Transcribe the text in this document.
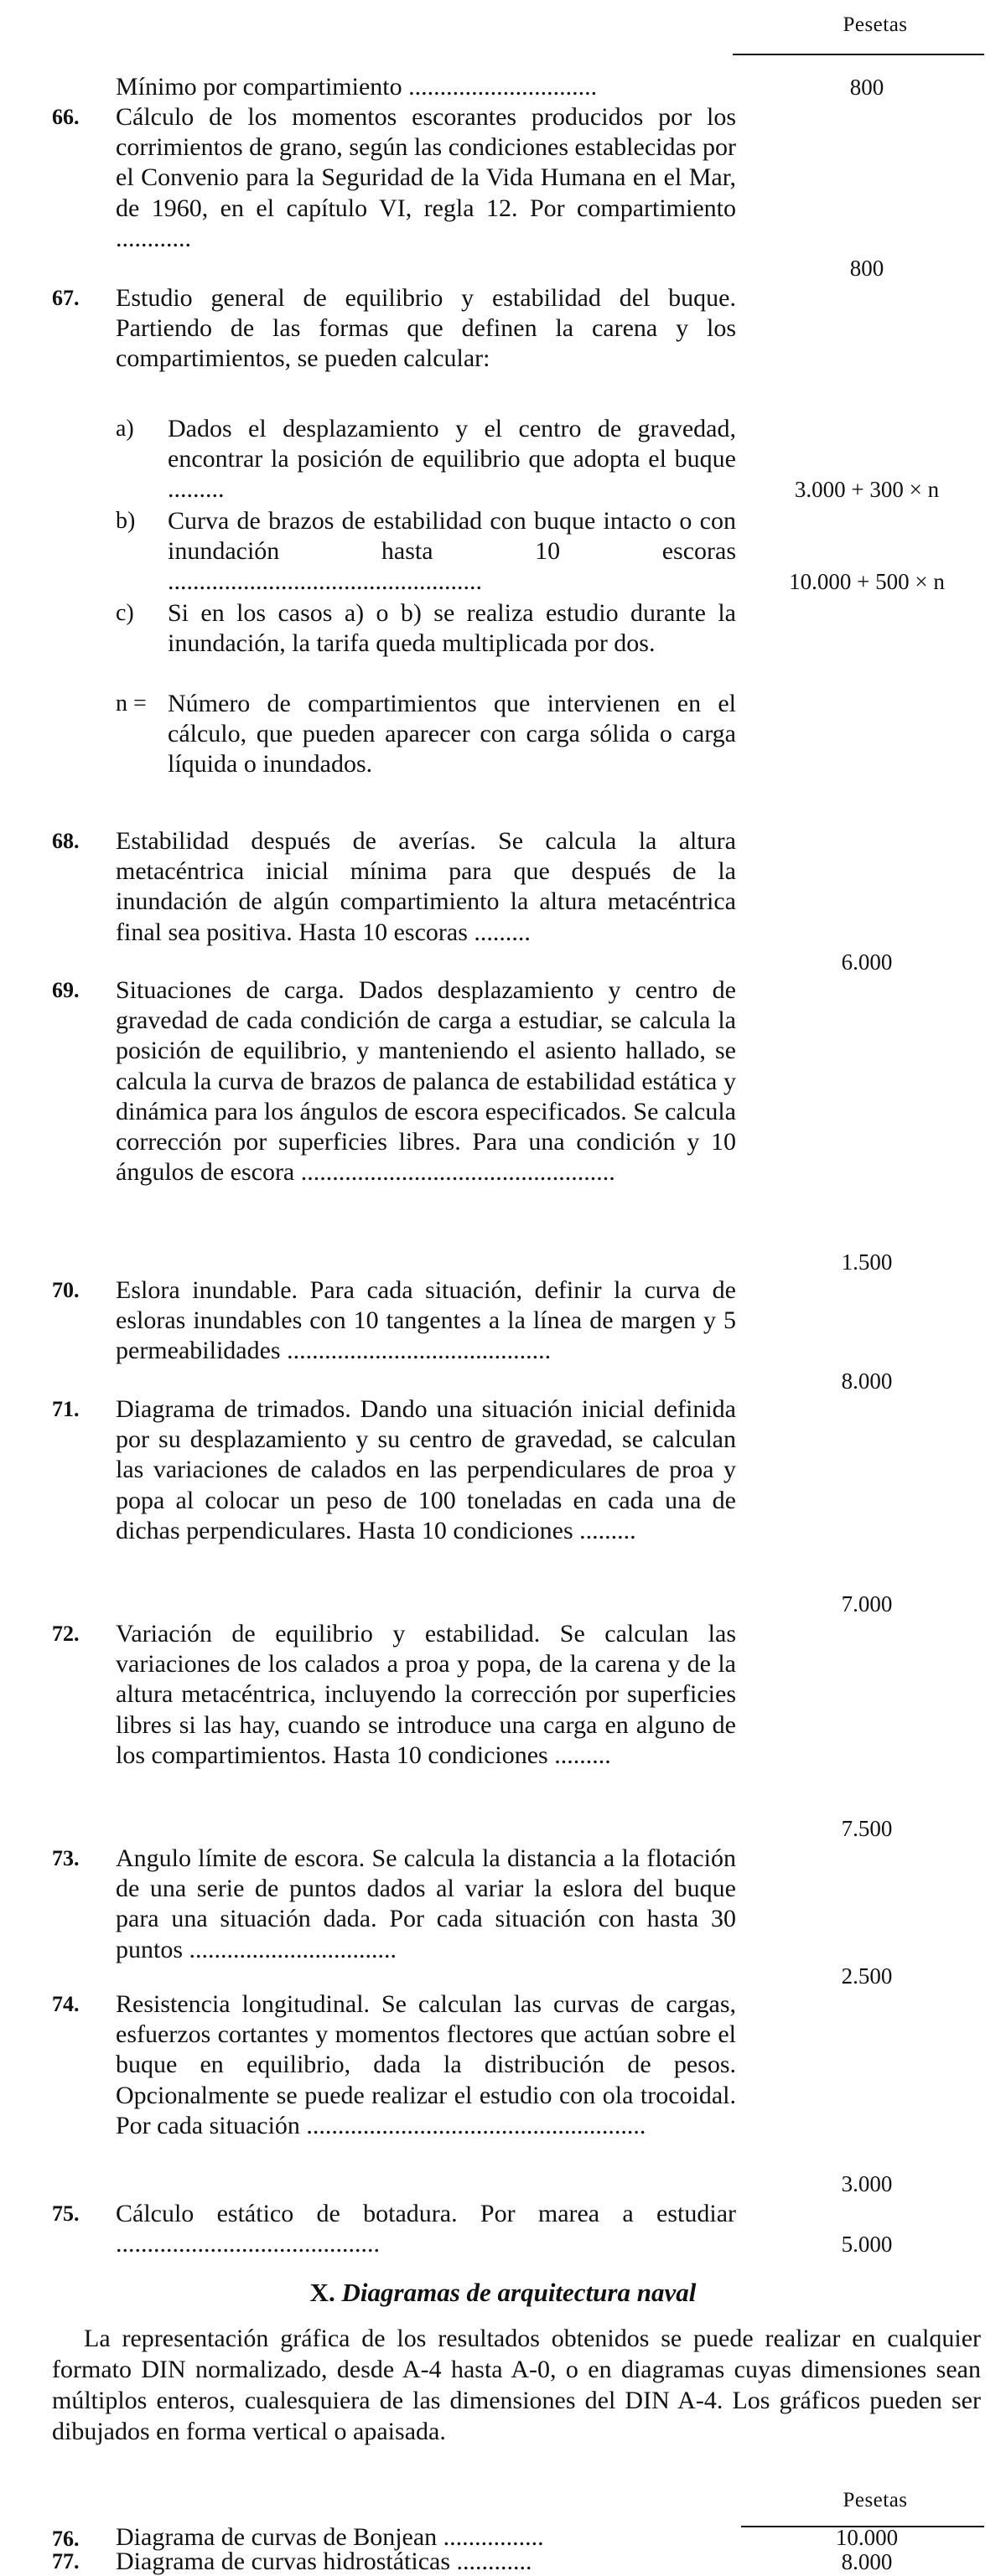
Pesetas
Mínimo por compartimiento ..............................	800
66.	Cálculo de los momentos escorantes producidos por los corrimientos de grano, según las condiciones establecidas por el Convenio para la Seguridad de la Vida Humana en el Mar, de 1960, en el capítulo VI, regla 12. Por compartimiento ............
800
67.	Estudio general de equilibrio y estabilidad del buque. Partiendo de las formas que definen la carena y los compartimientos, se pueden calcular:
a) Dados el desplazamiento y el centro de gravedad, encontrar la posición de equilibrio que adopta el buque .........	3.000 + 300 × n
b) Curva de brazos de estabilidad con buque intacto o con inundación hasta 10 escoras ..................................................	10.000 + 500 × n
c) Si en los casos a) o b) se realiza estudio durante la inundación, la tarifa queda multiplicada por dos.
n = Número de compartimientos que intervienen en el cálculo, que pueden aparecer con carga sólida o carga líquida o inundados.
68.	Estabilidad después de averías. Se calcula la altura metacéntrica inicial mínima para que después de la inundación de algún compartimiento la altura metacéntrica final sea positiva. Hasta 10 escoras .........
6.000
69.	Situaciones de carga. Dados desplazamiento y centro de gravedad de cada condición de carga a estudiar, se calcula la posición de equilibrio, y manteniendo el asiento hallado, se calcula la curva de brazos de palanca de estabilidad estática y dinámica para los ángulos de escora especificados. Se calcula corrección por superficies libres. Para una condición y 10 ángulos de escora ..................................................
1.500
70.	Eslora inundable. Para cada situación, definir la curva de esloras inundables con 10 tangentes a la línea de margen y 5 permeabilidades ..........................................
8.000
71.	Diagrama de trimados. Dando una situación inicial definida por su desplazamiento y su centro de gravedad, se calculan las variaciones de calados en las perpendiculares de proa y popa al colocar un peso de 100 toneladas en cada una de dichas perpendiculares. Hasta 10 condiciones .........
7.000
72.	Variación de equilibrio y estabilidad. Se calculan las variaciones de los calados a proa y popa, de la carena y de la altura metacéntrica, incluyendo la corrección por superficies libres si las hay, cuando se introduce una carga en alguno de los compartimientos. Hasta 10 condiciones .........
7.500
73.	Angulo límite de escora. Se calcula la distancia a la flotación de una serie de puntos dados al variar la eslora del buque para una situación dada. Por cada situación con hasta 30 puntos .................................
2.500
74.	Resistencia longitudinal. Se calculan las curvas de cargas, esfuerzos cortantes y momentos flectores que actúan sobre el buque en equilibrio, dada la distribución de pesos. Opcionalmente se puede realizar el estudio con ola trocoidal. Por cada situación ......................................................
3.000
75.	Cálculo estático de botadura. Por marea a estudiar ..........................................	5.000
X. Diagramas de arquitectura naval
La representación gráfica de los resultados obtenidos se puede realizar en cualquier formato DIN normalizado, desde A-4 hasta A-0, o en diagramas cuyas dimensiones sean múltiplos enteros, cualesquiera de las dimensiones del DIN A-4. Los gráficos pueden ser dibujados en forma vertical o apaisada.
Pesetas
76.	Diagrama de curvas de Bonjean ................	10.000
77.	Diagrama de curvas hidrostáticas ............	8.000
